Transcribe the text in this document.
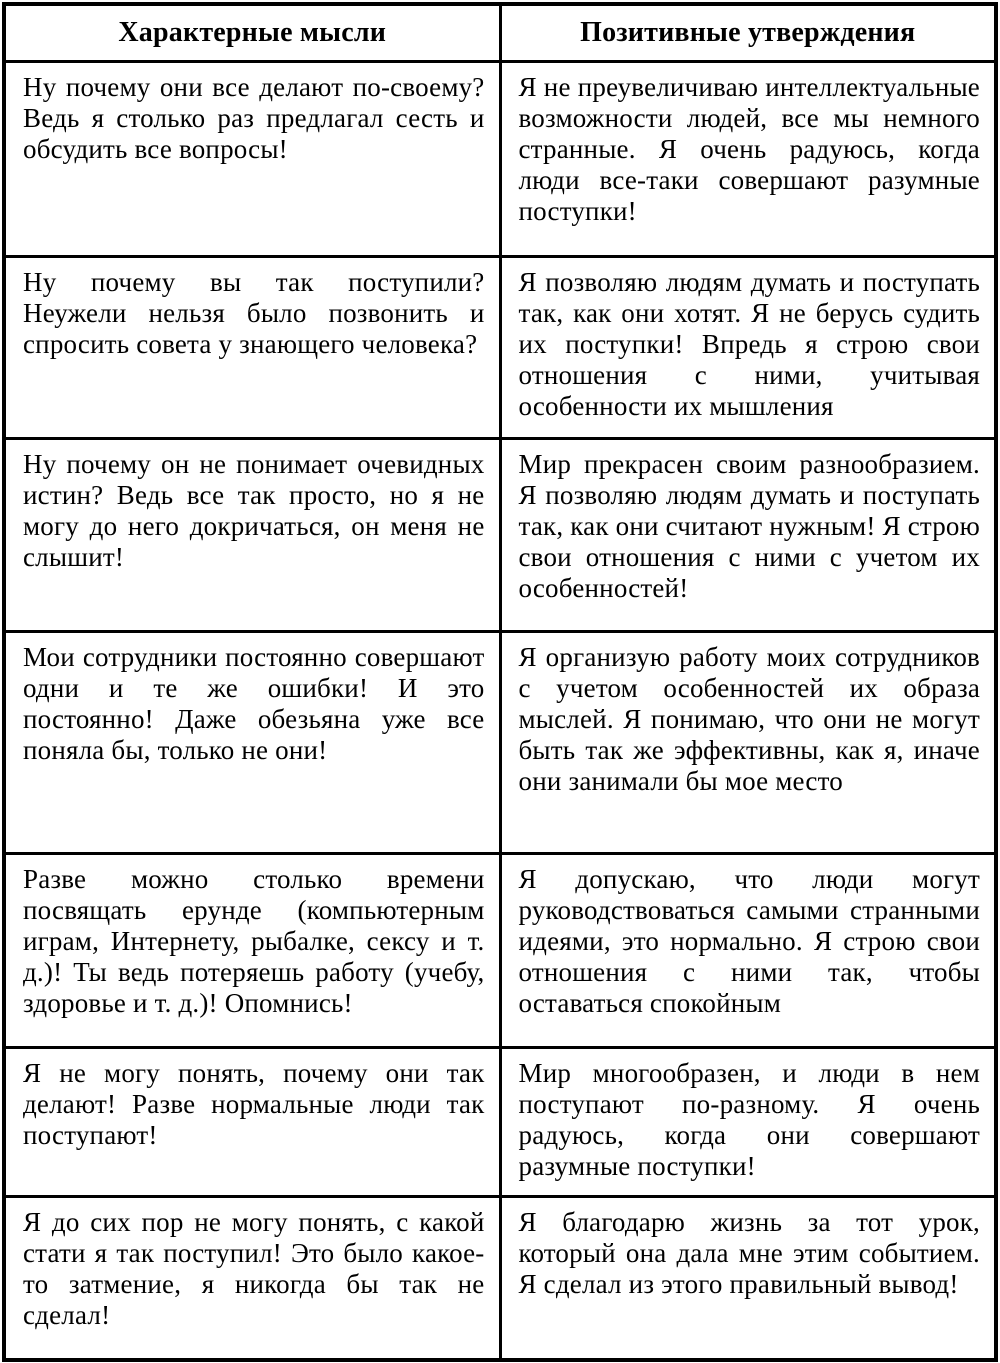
Характерные мысли	Позитивные утверждения
Ну почему они все делают по-своему? Ведь я столько раз предлагал сесть и обсудить все вопросы!	Я не преувеличиваю интеллектуальные возможности людей, все мы немного странные. Я очень радуюсь, когда люди все-таки совершают разумные поступки!
Ну почему вы так поступили? Неужели нельзя было позвонить и спросить совета у знающего человека?	Я позволяю людям думать и поступать так, как они хотят. Я не берусь судить их поступки! Впредь я строю свои отношения с ними, учитывая особенности их мышления
Ну почему он не понимает очевидных истин? Ведь все так просто, но я не могу до него докричаться, он меня не слышит!	Мир прекрасен своим разнообразием. Я позволяю людям думать и поступать так, как они считают нужным! Я строю свои отношения с ними с учетом их особенностей!
Мои сотрудники постоянно совершают одни и те же ошибки! И это постоянно! Даже обезьяна уже все поняла бы, только не они!	Я организую работу моих сотрудников с учетом особенностей их образа мыслей. Я понимаю, что они не могут быть так же эффективны, как я, иначе они занимали бы мое место
Разве можно столько времени посвящать ерунде (компьютерным играм, Интернету, рыбалке, сексу и т. д.)! Ты ведь потеряешь работу (учебу, здоровье и т. д.)! Опомнись!	Я допускаю, что люди могут руководствоваться самыми странными идеями, это нормально. Я строю свои отношения с ними так, чтобы оставаться спокойным
Я не могу понять, почему они так делают! Разве нормальные люди так поступают!	Мир многообразен, и люди в нем поступают по-разному. Я очень радуюсь, когда они совершают разумные поступки!
Я до сих пор не могу понять, с какой стати я так поступил! Это было какое-то затмение, я никогда бы так не сделал!	Я благодарю жизнь за тот урок, который она дала мне этим событием. Я сделал из этого правильный вывод!
